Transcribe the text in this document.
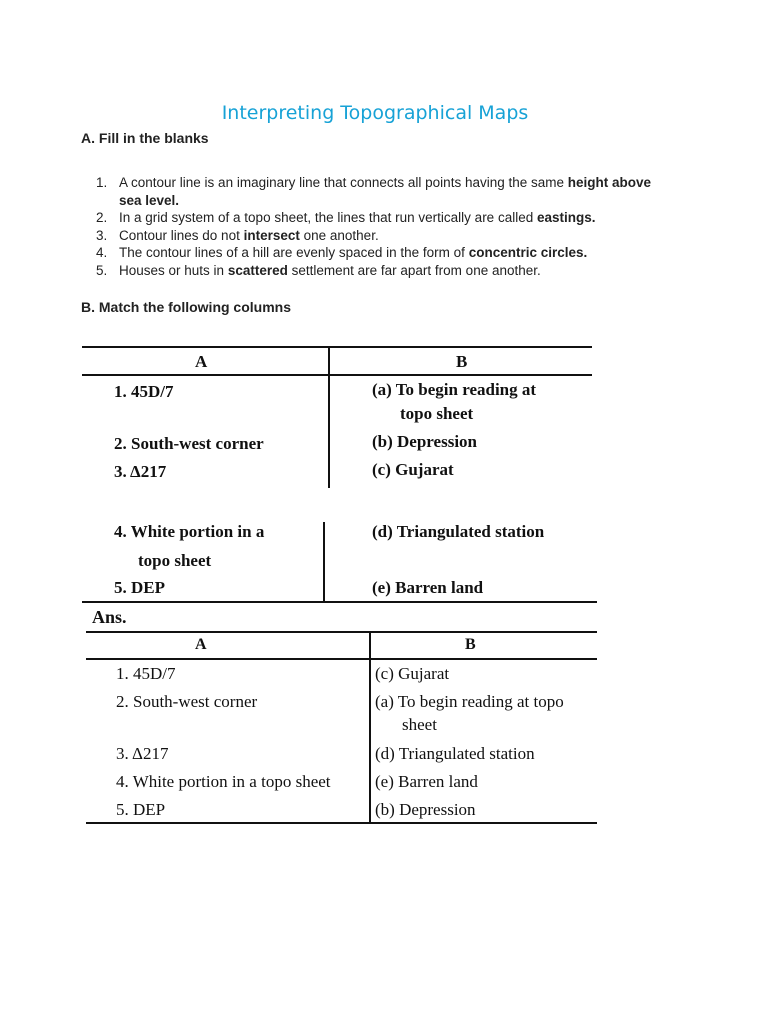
Interpreting Topographical Maps
A. Fill in the blanks
1. A contour line is an imaginary line that connects all points having the same height above sea level.
2. In a grid system of a topo sheet, the lines that run vertically are called eastings.
3. Contour lines do not intersect one another.
4. The contour lines of a hill are evenly spaced in the form of concentric circles.
5. Houses or huts in scattered settlement are far apart from one another.
B. Match the following columns
A	B
1. 45D/7
2. South-west corner
3. Δ217
4. White portion in a
topo sheet
5. DEP
(a) To begin reading at
topo sheet
(b) Depression
(c) Gujarat
(d) Triangulated station
(e) Barren land
Ans.
A	B
1. 45D/7
2. South-west corner
3. Δ217
4. White portion in a topo sheet
5. DEP
(c) Gujarat
(a) To begin reading at topo
sheet
(d) Triangulated station
(e) Barren land
(b) Depression
